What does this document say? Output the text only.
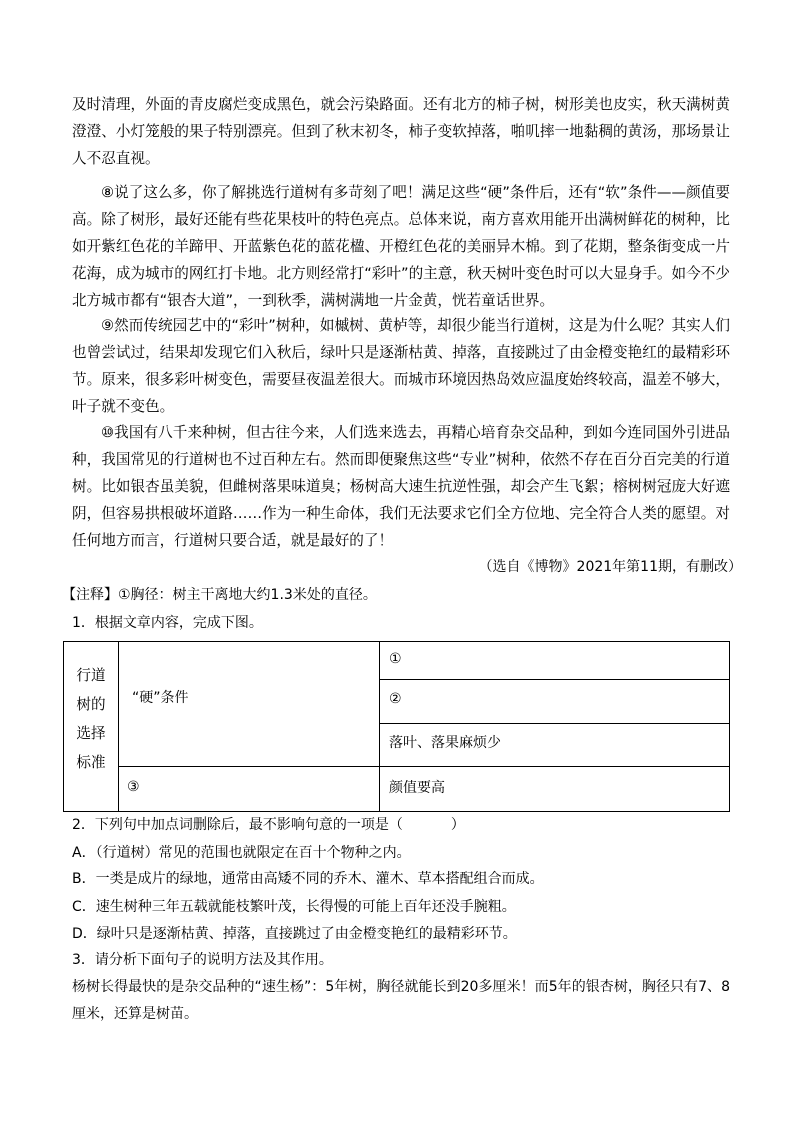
及时清理，外面的青皮腐烂变成黑色，就会污染路面。还有北方的柿子树，树形美也皮实，秋天满树黄澄澄、小灯笼般的果子特别漂亮。但到了秋末初冬，柿子变软掉落，啪叽摔一地黏稠的黄汤，那场景让人不忍直视。

⑧说了这么多，你了解挑选行道树有多苛刻了吧！满足这些“硬”条件后，还有“软”条件——颜值要高。除了树形，最好还能有些花果枝叶的特色亮点。总体来说，南方喜欢用能开出满树鲜花的树种，比如开紫红色花的羊蹄甲、开蓝紫色花的蓝花楹、开橙红色花的美丽异木棉。到了花期，整条街变成一片花海，成为城市的网红打卡地。北方则经常打“彩叶”的主意，秋天树叶变色时可以大显身手。如今不少北方城市都有“银杏大道”，一到秋季，满树满地一片金黄，恍若童话世界。

⑨然而传统园艺中的“彩叶”树种，如槭树、黄栌等，却很少能当行道树，这是为什么呢？其实人们也曾尝试过，结果却发现它们入秋后，绿叶只是逐渐枯黄、掉落，直接跳过了由金橙变艳红的最精彩环节。原来，很多彩叶树变色，需要昼夜温差很大。而城市环境因热岛效应温度始终较高，温差不够大，叶子就不变色。

⑩我国有八千来种树，但古往今来，人们选来选去，再精心培育杂交品种，到如今连同国外引进品种，我国常见的行道树也不过百种左右。然而即便聚焦这些“专业”树种，依然不存在百分百完美的行道树。比如银杏虽美貌，但雌树落果味道臭；杨树高大速生抗逆性强，却会产生飞絮；榕树树冠庞大好遮阴，但容易拱根破坏道路……作为一种生命体，我们无法要求它们全方位地、完全符合人类的愿望。对任何地方而言，行道树只要合适，就是最好的了！

（选自《博物》2021年第11期，有删改）
【注释】①胸径：树主干离地大约1.3米处的直径。
1．根据文章内容，完成下图。
行道树的选择标准
“硬”条件
①
②
落叶、落果麻烦少
③	颜值要高
2．下列句中加点词删除后，最不影响句意的一项是（	）
A．（行道树）常见的范围也就限定在百十个物种之内。
B．一类是成片的绿地，通常由高矮不同的乔木、灌木、草本搭配组合而成。
C．速生树种三年五载就能枝繁叶茂，长得慢的可能上百年还没手腕粗。
D．绿叶只是逐渐枯黄、掉落，直接跳过了由金橙变艳红的最精彩环节。
3．请分析下面句子的说明方法及其作用。

杨树长得最快的是杂交品种的“速生杨”：5年树，胸径就能长到20多厘米！而5年的银杏树，胸径只有7、8厘米，还算是树苗。
